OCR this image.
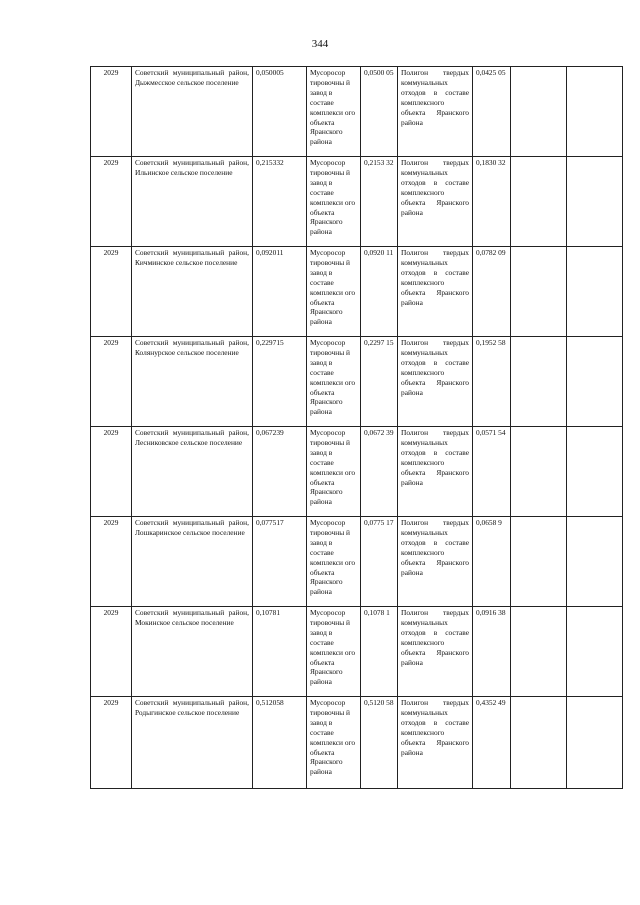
344
2029	Советский муниципальный район, Дыжмесское сельское поселение	0,050005	Мусоросор тировочны й завод в составе комплекси ого объекта Яранского района	0,0500 05	Полигон твердых коммунальных отходов в составе комплексного объекта Яранского района	0,0425 05		
2029	Советский муниципальный район, Ильинское сельское поселение	0,215332	Мусоросор тировочны й завод в составе комплекси ого объекта Яранского района	0,2153 32	Полигон твердых коммунальных отходов в составе комплексного объекта Яранского района	0,1830 32		
2029	Советский муниципальный район, Кичминское сельское поселение	0,092011	Мусоросор тировочны й завод в составе комплекси ого объекта Яранского района	0,0920 11	Полигон твердых коммунальных отходов в составе комплексного объекта Яранского района	0,0782 09		
2029	Советский муниципальный район, Колянурское сельское поселение	0,229715	Мусоросор тировочны й завод в составе комплекси ого объекта Яранского района	0,2297 15	Полигон твердых коммунальных отходов в составе комплексного объекта Яранского района	0,1952 58		
2029	Советский муниципальный район, Лесниковское сельское поселение	0,067239	Мусоросор тировочны й завод в составе комплекси ого объекта Яранского района	0,0672 39	Полигон твердых коммунальных отходов в составе комплексного объекта Яранского района	0,0571 54		
2029	Советский муниципальный район, Лошкаринское сельское поселение	0,077517	Мусоросор тировочны й завод в составе комплекси ого объекта Яранского района	0,0775 17	Полигон твердых коммунальных отходов в составе комплексного объекта Яранского района	0,0658 9		
2029	Советский муниципальный район, Мокинское сельское поселение	0,10781	Мусоросор тировочны й завод в составе комплекси ого объекта Яранского района	0,1078 1	Полигон твердых коммунальных отходов в составе комплексного объекта Яранского района	0,0916 38		
2029	Советский муниципальный район, Родыгинское сельское поселение	0,512058	Мусоросор тировочны й завод в составе комплекси ого объекта Яранского района	0,5120 58	Полигон твердых коммунальных отходов в составе комплексного объекта Яранского района	0,4352 49		
